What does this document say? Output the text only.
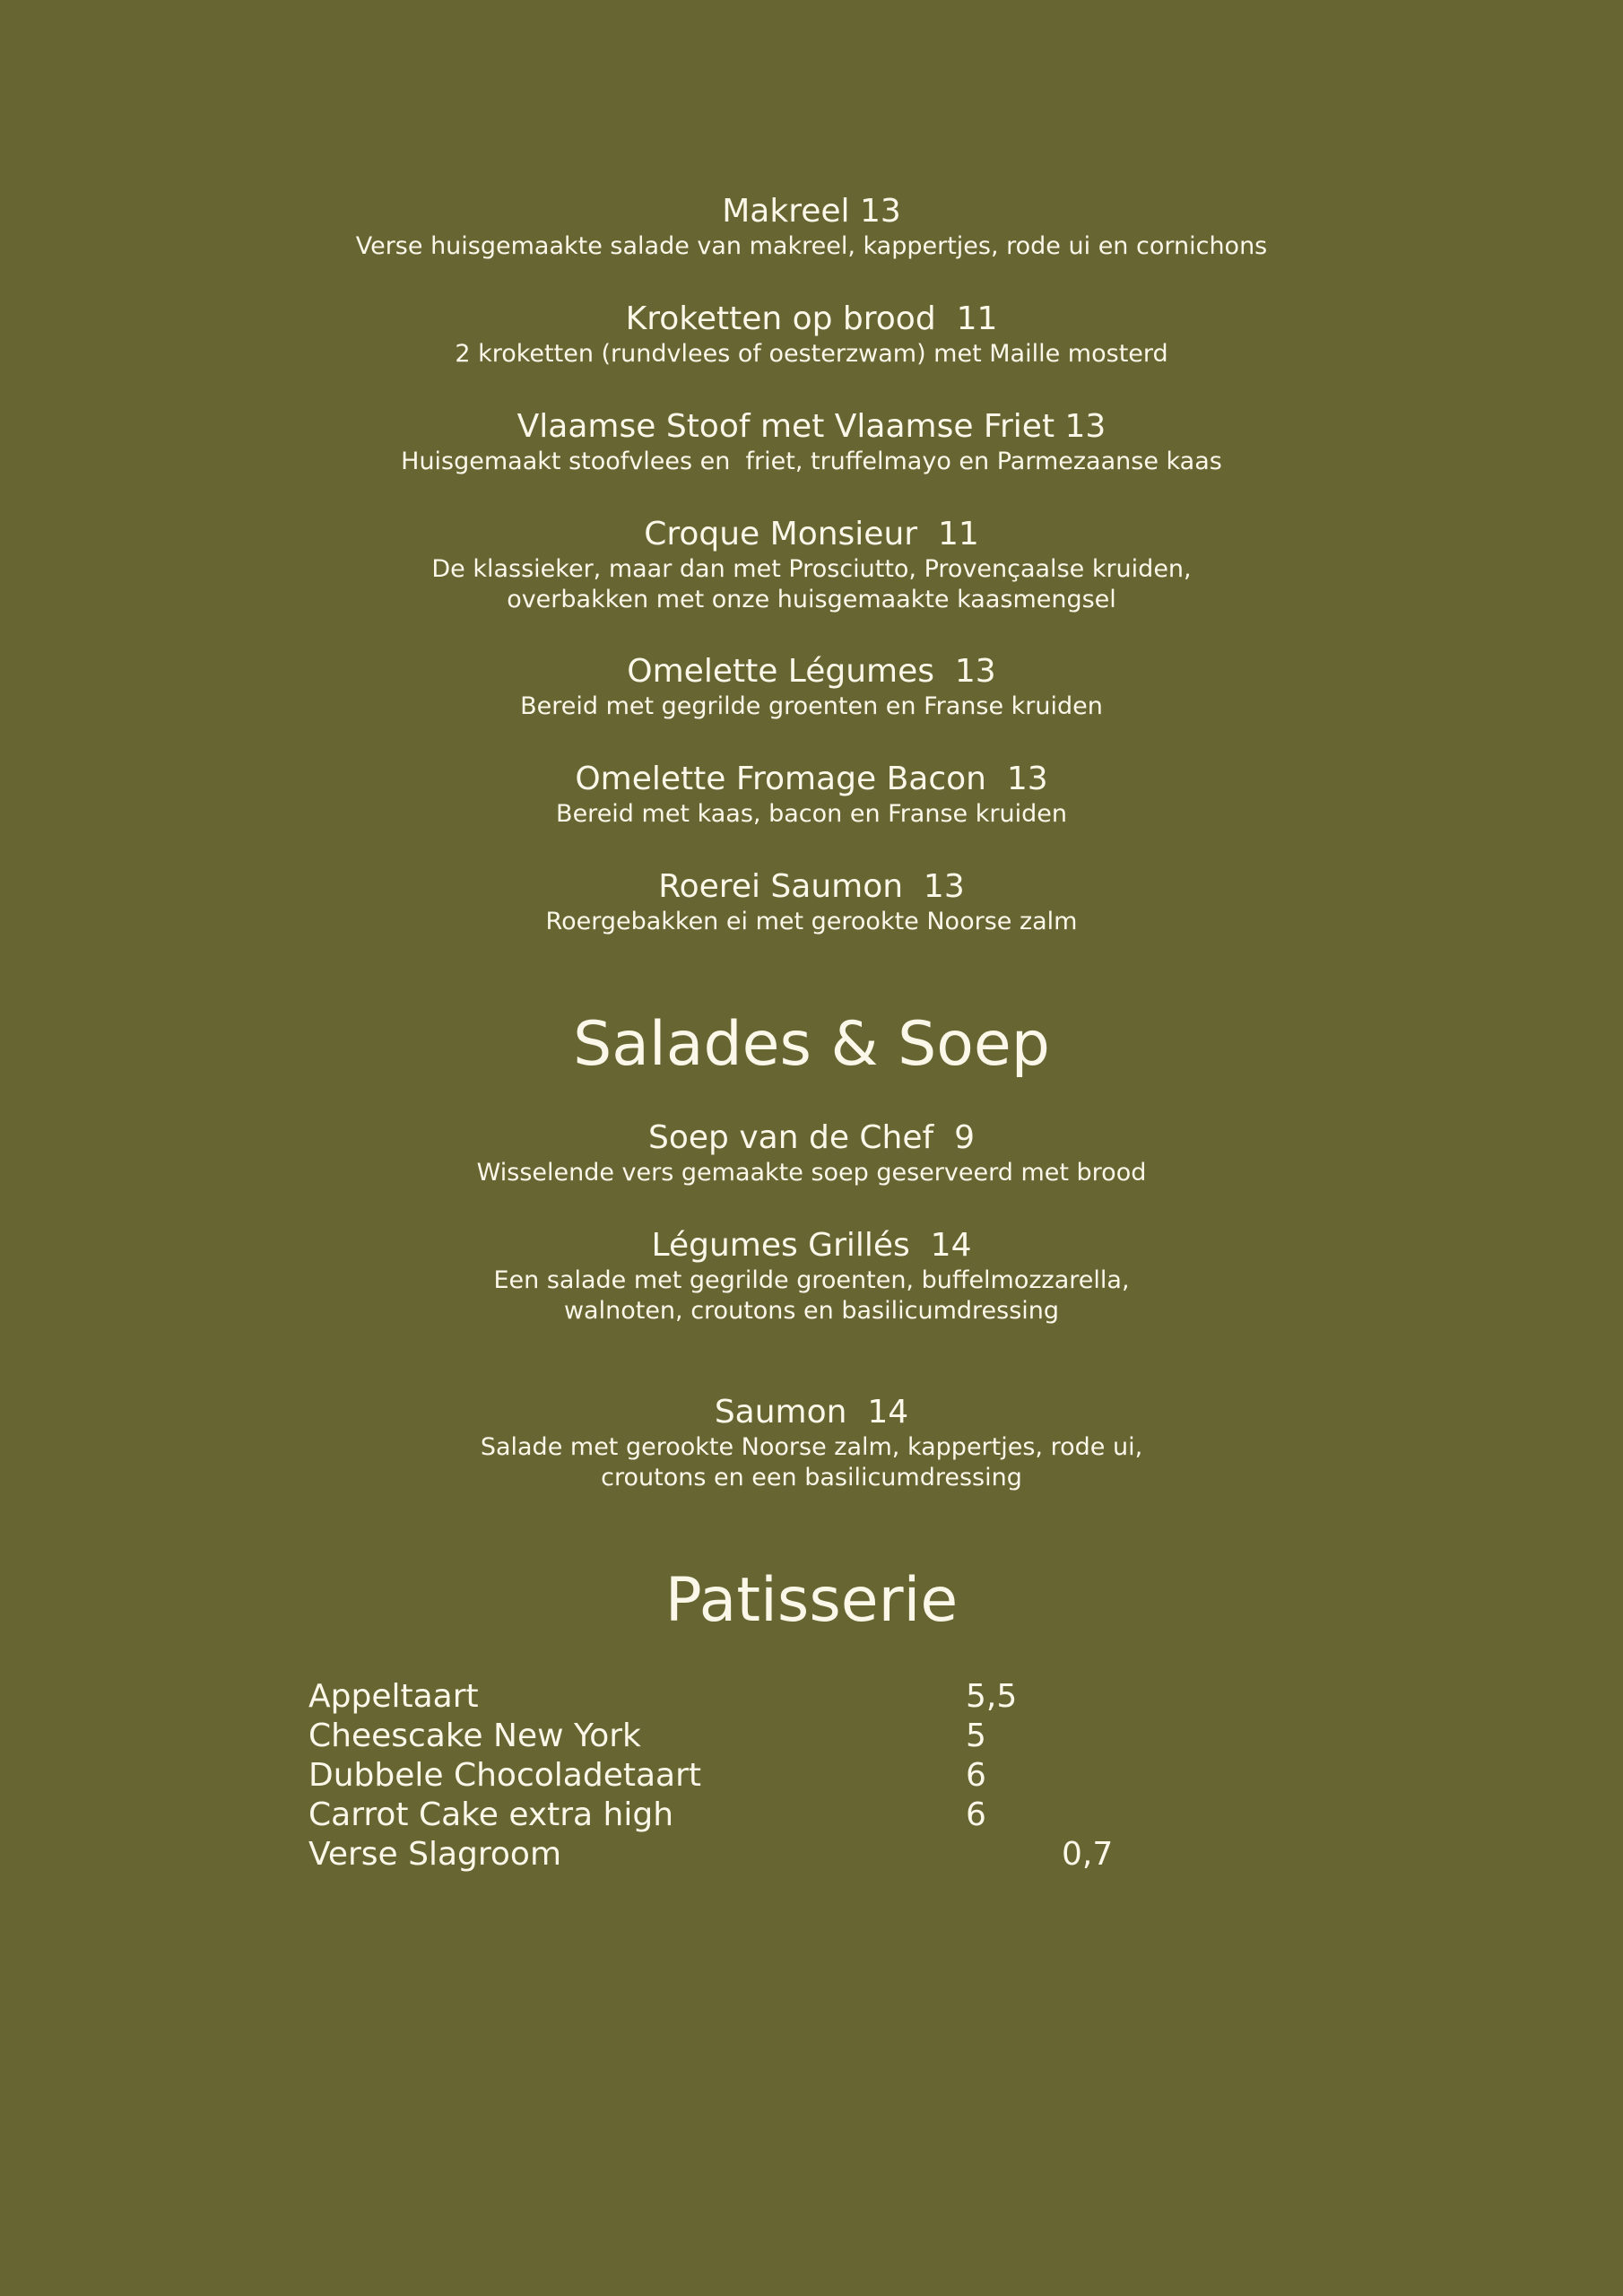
Makreel 13
Verse huisgemaakte salade van makreel, kappertjes, rode ui en cornichons
Kroketten op brood  11
2 kroketten (rundvlees of oesterzwam) met Maille mosterd
Vlaamse Stoof met Vlaamse Friet 13
Huisgemaakt stoofvlees en  friet, truffelmayo en Parmezaanse kaas
Croque Monsieur  11
De klassieker, maar dan met Prosciutto, Provençaalse kruiden,
overbakken met onze huisgemaakte kaasmengsel
Omelette Légumes  13
Bereid met gegrilde groenten en Franse kruiden
Omelette Fromage Bacon  13
Bereid met kaas, bacon en Franse kruiden
Roerei Saumon  13
Roergebakken ei met gerookte Noorse zalm
Salades & Soep
Soep van de Chef  9
Wisselende vers gemaakte soep geserveerd met brood
Légumes Grillés  14
Een salade met gegrilde groenten, buffelmozzarella,
walnoten, croutons en basilicumdressing
Saumon  14
Salade met gerookte Noorse zalm, kappertjes, rode ui,
croutons en een basilicumdressing
Patisserie
Appeltaart	5,5
Cheescake New York	5
Dubbele Chocoladetaart	6
Carrot Cake extra high	6
Verse Slagroom	0,7
